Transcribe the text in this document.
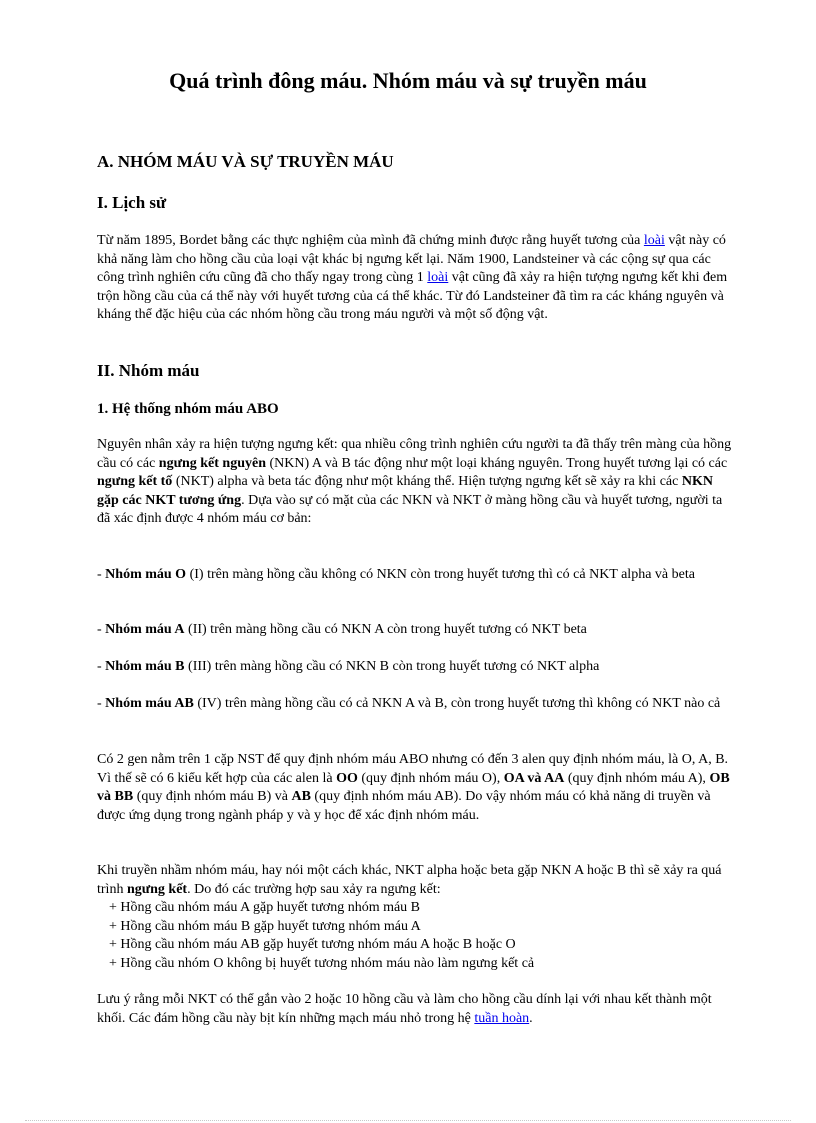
Quá trình đông máu. Nhóm máu và sự truyền máu

A. NHÓM MÁU VÀ SỰ TRUYỀN MÁU

I. Lịch sử

Từ năm 1895, Bordet bằng các thực nghiệm của mình đã chứng minh được rằng huyết tương của loài vật này có khả năng làm cho hồng cầu của loại vật khác bị ngưng kết lại. Năm 1900, Landsteiner và các cộng sự qua các công trình nghiên cứu cũng đã cho thấy ngay trong cùng 1 loài vật cũng đã xảy ra hiện tượng ngưng kết khi đem trộn hồng cầu của cá thể này với huyết tương của cá thể khác. Từ đó Landsteiner đã tìm ra các kháng nguyên và kháng thể đặc hiệu của các nhóm hồng cầu trong máu người và một số động vật.

II. Nhóm máu

1. Hệ thống nhóm máu ABO

Nguyên nhân xảy ra hiện tượng ngưng kết: qua nhiều công trình nghiên cứu người ta đã thấy trên màng của hồng cầu có các ngưng kết nguyên (NKN) A và B tác động như một loại kháng nguyên. Trong huyết tương lại có các ngưng kết tố (NKT) alpha và beta tác động như một kháng thể. Hiện tượng ngưng kết sẽ xảy ra khi các NKN gặp các NKT tương ứng. Dựa vào sự có mặt của các NKN và NKT ở màng hồng cầu và huyết tương, người ta đã xác định được 4 nhóm máu cơ bản:

- Nhóm máu O (I) trên màng hồng cầu không có NKN còn trong huyết tương thì có cả NKT alpha và beta

- Nhóm máu A (II) trên màng hồng cầu có NKN A còn trong huyết tương có NKT beta

- Nhóm máu B (III) trên màng hồng cầu có NKN B còn trong huyết tương có NKT alpha

- Nhóm máu AB (IV) trên màng hồng cầu có cả NKN A và B, còn trong huyết tương thì không có NKT nào cả

Có 2 gen nằm trên 1 cặp NST để quy định nhóm máu ABO nhưng có đến 3 alen quy định nhóm máu, là O, A, B. Vì thế sẽ có 6 kiểu kết hợp của các alen là OO (quy định nhóm máu O), OA và AA (quy định nhóm máu A), OB và BB (quy định nhóm máu B) và AB (quy định nhóm máu AB). Do vậy nhóm máu có khả năng di truyền và được ứng dụng trong ngành pháp y và y học để xác định nhóm máu.

Khi truyền nhầm nhóm máu, hay nói một cách khác, NKT alpha hoặc beta gặp NKN A hoặc B thì sẽ xảy ra quá trình ngưng kết. Do đó các trường hợp sau xảy ra ngưng kết:

+ Hồng cầu nhóm máu A gặp huyết tương nhóm máu B
+ Hồng cầu nhóm máu B gặp huyết tương nhóm máu A
+ Hồng cầu nhóm máu AB gặp huyết tương nhóm máu A hoặc B hoặc O
+ Hồng cầu nhóm O không bị huyết tương nhóm máu nào làm ngưng kết cả

Lưu ý rằng mỗi NKT có thể gắn vào 2 hoặc 10 hồng cầu và làm cho hồng cầu dính lại với nhau kết thành một khối. Các đám hồng cầu này bịt kín những mạch máu nhỏ trong hệ tuần hoàn.
